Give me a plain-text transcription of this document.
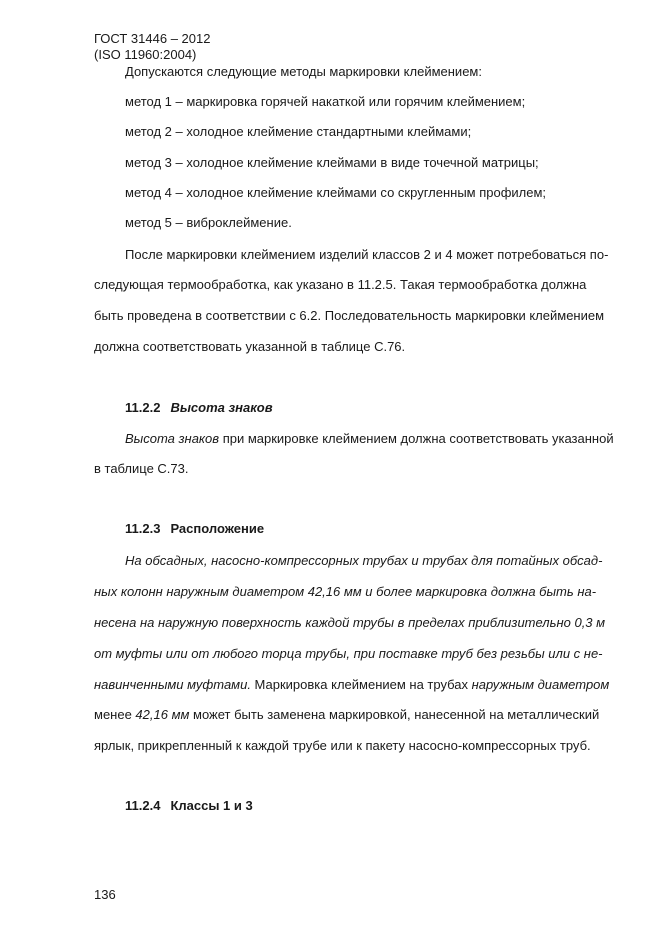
ГОСТ 31446 – 2012
(ISO 11960:2004)
Допускаются следующие методы маркировки клеймением:
метод 1 – маркировка горячей накаткой или горячим клеймением;
метод 2 – холодное клеймение стандартными клеймами;
метод 3 – холодное клеймение клеймами в виде точечной матрицы;
метод 4 – холодное клеймение клеймами со скругленным профилем;
метод 5 – виброклеймение.
После маркировки клеймением изделий классов 2 и 4 может потребоваться по-
следующая термообработка, как указано в 11.2.5. Такая термообработка должна
быть проведена в соответствии с 6.2. Последовательность маркировки клеймением
должна соответствовать указанной в таблице С.76.
11.2.2 Высота знаков
Высота знаков при маркировке клеймением должна соответствовать указанной
в таблице С.73.
11.2.3 Расположение
На обсадных, насосно-компрессорных трубах и трубах для потайных обсад-
ных колонн наружным диаметром 42,16 мм и более маркировка должна быть на-
несена на наружную поверхность каждой трубы в пределах приблизительно 0,3 м
от муфты или от любого торца трубы, при поставке труб без резьбы или с не-
навинченными муфтами. Маркировка клеймением на трубах наружным диаметром
менее 42,16 мм может быть заменена маркировкой, нанесенной на металлический
ярлык, прикрепленный к каждой трубе или к пакету насосно-компрессорных труб.
11.2.4 Классы 1 и 3
136
